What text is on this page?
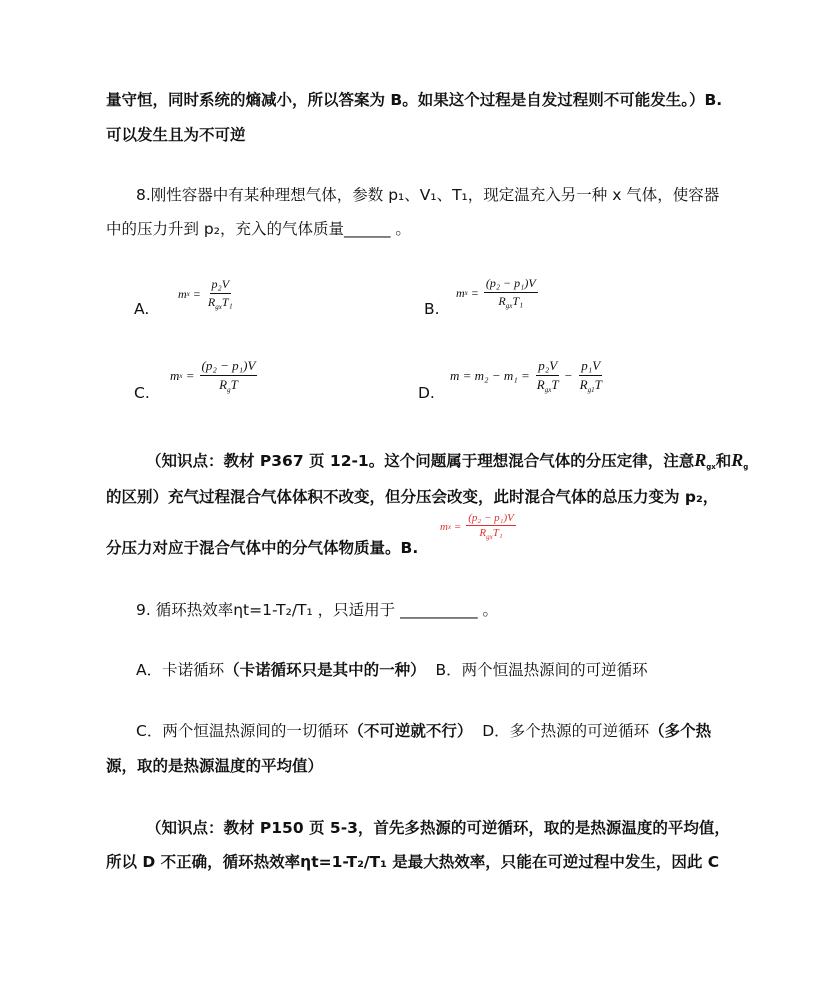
量守恒，同时系统的熵减小，所以答案为 B。如果这个过程是自发过程则不可能发生。）B.
可以发生且为不可逆
8.刚性容器中有某种理想气体，参数 p₁、V₁、T₁，现定温充入另一种 x 气体，使容器
中的压力升到 p₂，充入的气体质量______ 。
A.
m $x = \frac{\text{p₂V}}{R_{gx}T_1}$	B.
m $x = \frac{\text{(p₂ − p₁)V}}{R_{gx}T_1}$
C.
m $x = \frac{\text{(p₂ − p₁)V}}{R_gT}$	D.
$m = m_2 - m_1 = \frac{\text{p₂V}}{R_{gx}T} - \frac{\text{p₁V}}{R_{g1}T}$
（知识点：教材 P367 页 12-1。这个问题属于理想混合气体的分压定律，注意$R_{gx}$和$R_g$
的区别）充气过程混合气体体积不改变，但分压会改变，此时混合气体的总压力变为 p₂，
分压力对应于混合气体中的分气体物质量。B.
m $x = \frac{\text{(p₂ − p₁)V}}{R_{gx}T_1}$
9. 循环热效率ηt=1-T₂/T₁ ，只适用于 __________ 。
A．卡诺循环（卡诺循环只是其中的一种） B．两个恒温热源间的可逆循环
C．两个恒温热源间的一切循环（不可逆就不行） D．多个热源的可逆循环（多个热
源，取的是热源温度的平均值）
（知识点：教材 P150 页 5-3，首先多热源的可逆循环，取的是热源温度的平均值，
所以 D 不正确，循环热效率ηt=1-T₂/T₁ 是最大热效率，只能在可逆过程中发生，因此 C
